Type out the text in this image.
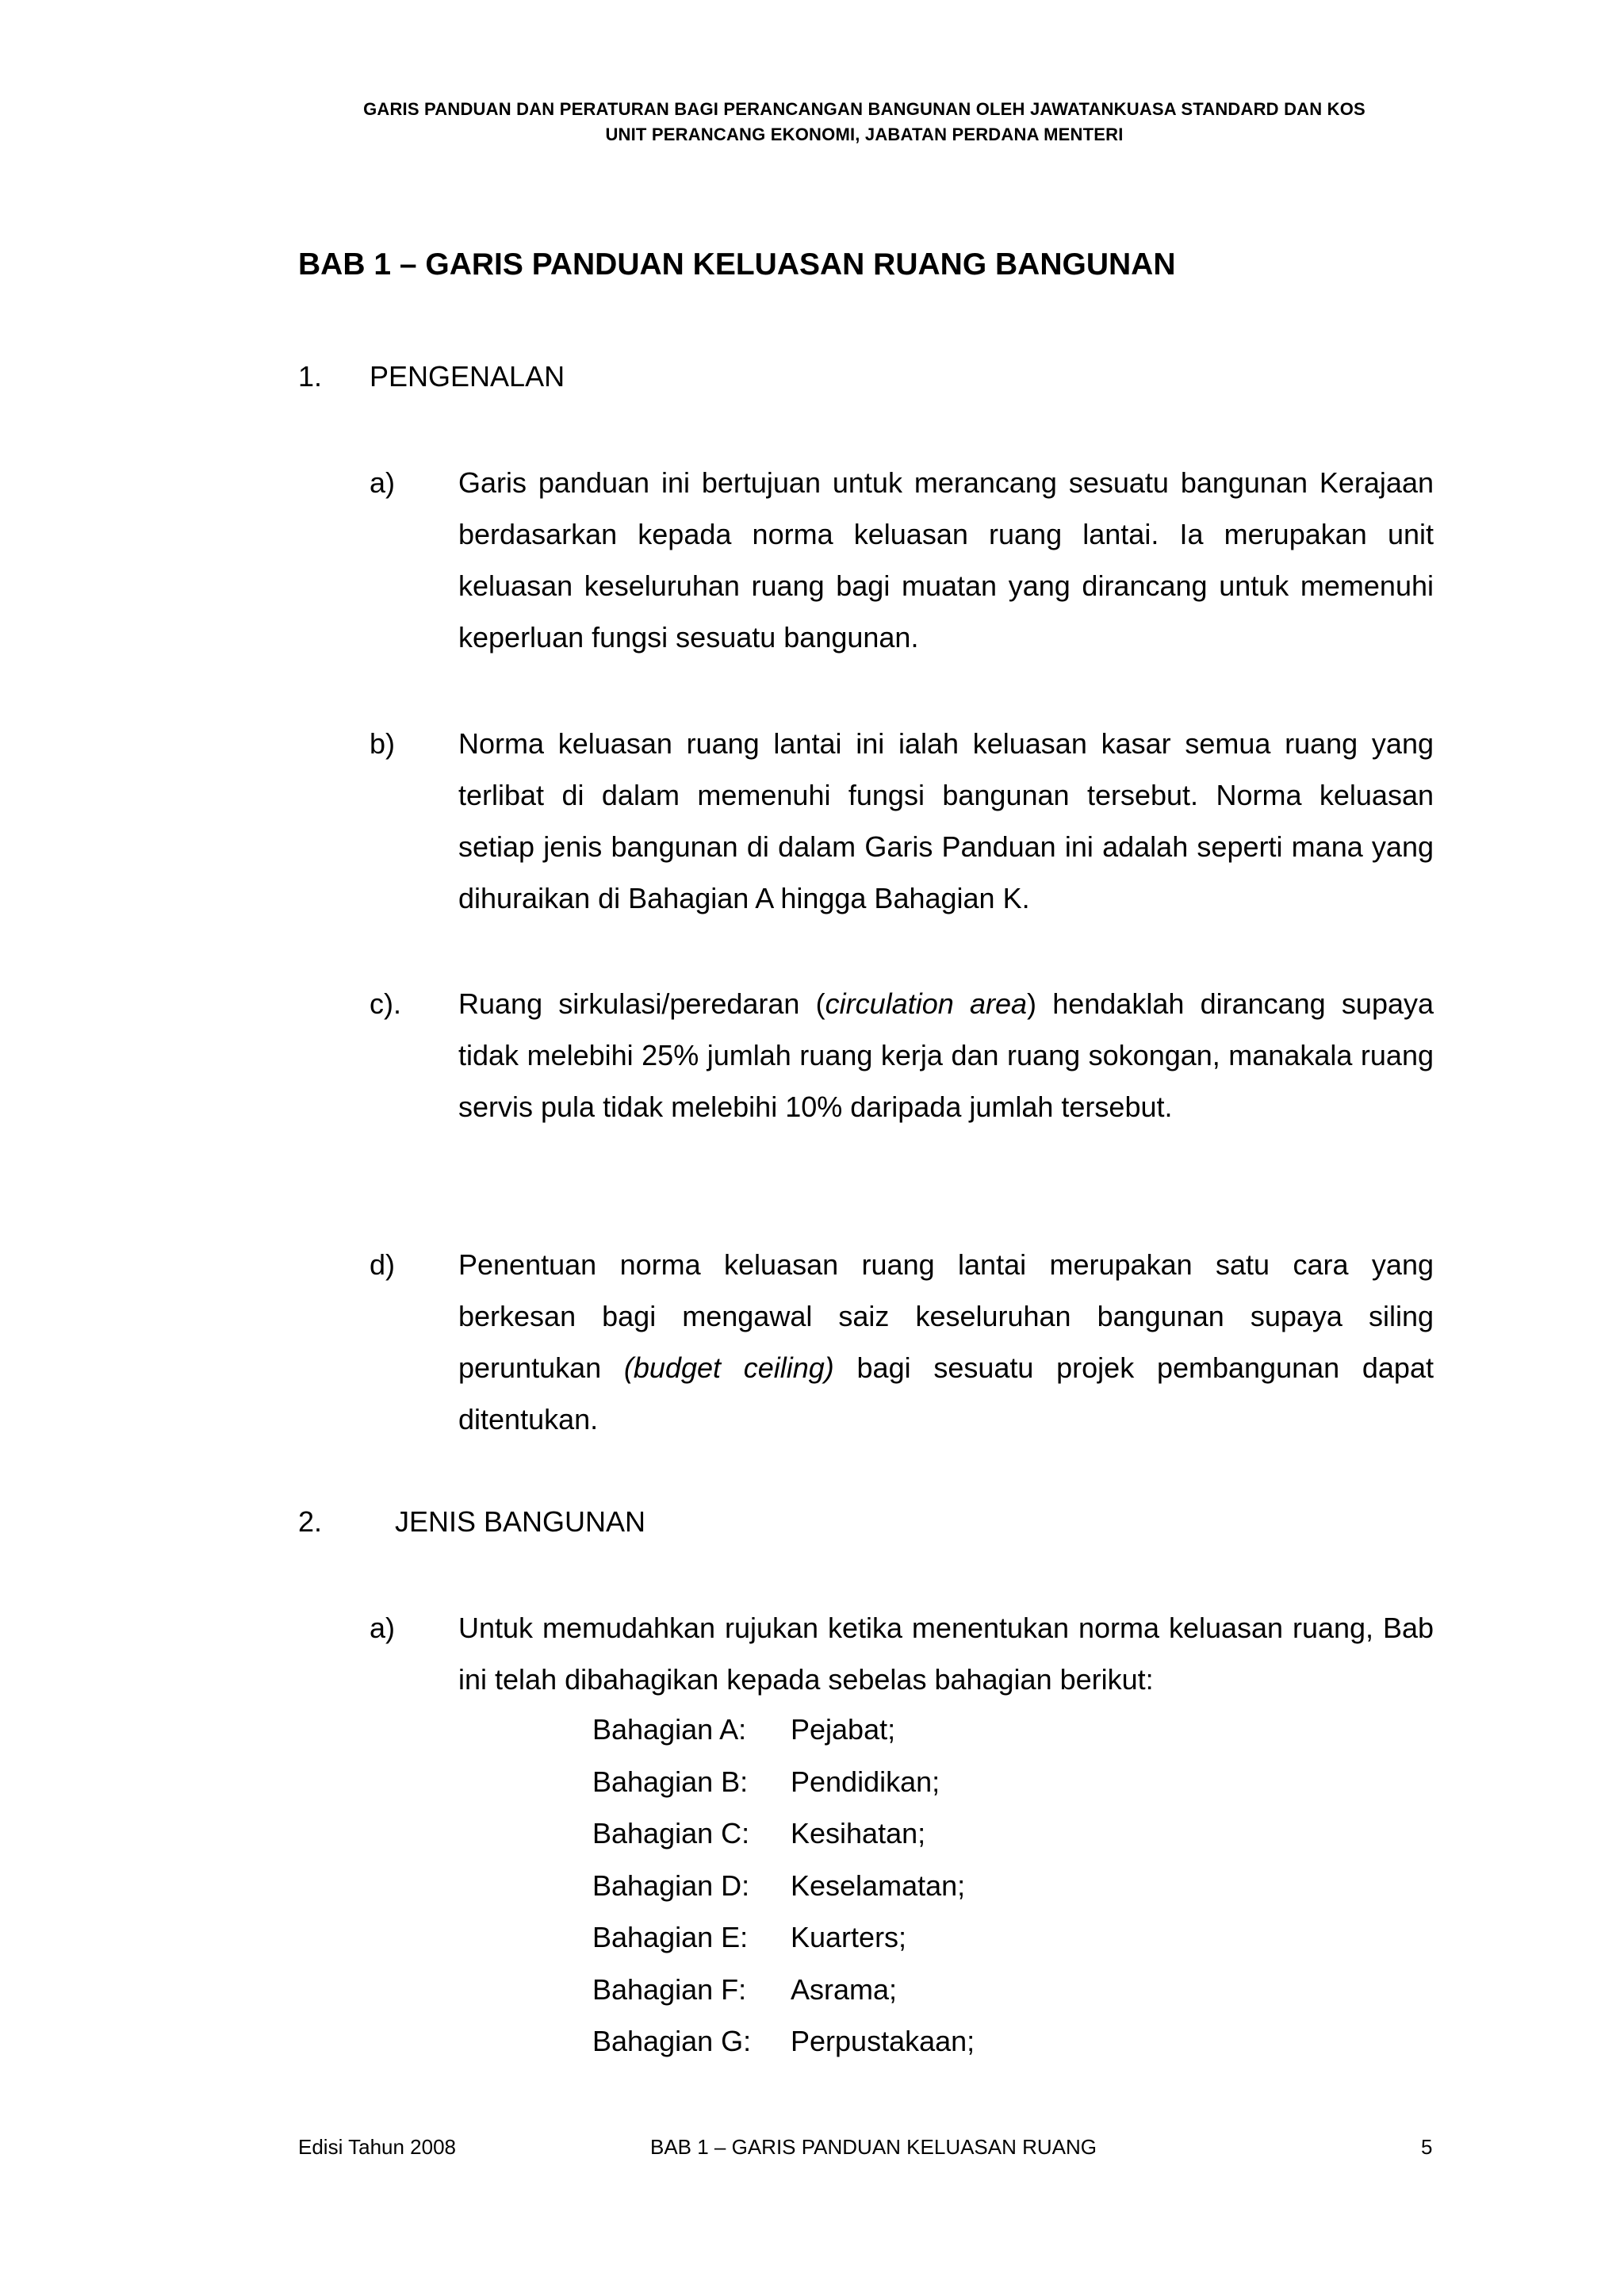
GARIS PANDUAN DAN PERATURAN BAGI PERANCANGAN BANGUNAN OLEH JAWATANKUASA STANDARD DAN KOS
UNIT PERANCANG EKONOMI, JABATAN PERDANA MENTERI
BAB 1 – GARIS PANDUAN KELUASAN RUANG BANGUNAN
1. PENGENALAN
a) Garis panduan ini bertujuan untuk merancang sesuatu bangunan Kerajaan berdasarkan kepada norma keluasan ruang lantai. Ia merupakan unit keluasan keseluruhan ruang bagi muatan yang dirancang untuk memenuhi keperluan fungsi sesuatu bangunan.
b) Norma keluasan ruang lantai ini ialah keluasan kasar semua ruang yang terlibat di dalam memenuhi fungsi bangunan tersebut. Norma keluasan setiap jenis bangunan di dalam Garis Panduan ini adalah seperti mana yang dihuraikan di Bahagian A hingga Bahagian K.
c). Ruang sirkulasi/peredaran (circulation area) hendaklah dirancang supaya tidak melebihi 25% jumlah ruang kerja dan ruang sokongan, manakala ruang servis pula tidak melebihi 10% daripada jumlah tersebut.
d) Penentuan norma keluasan ruang lantai merupakan satu cara yang berkesan bagi mengawal saiz keseluruhan bangunan supaya siling peruntukan (budget ceiling) bagi sesuatu projek pembangunan dapat ditentukan.
2.	JENIS BANGUNAN
a) Untuk memudahkan rujukan ketika menentukan norma keluasan ruang, Bab ini telah dibahagikan kepada sebelas bahagian berikut:
Bahagian A:	Pejabat;
Bahagian B:	Pendidikan;
Bahagian C:	Kesihatan;
Bahagian D:	Keselamatan;
Bahagian E:	Kuarters;
Bahagian F:	Asrama;
Bahagian G:	Perpustakaan;
Edisi Tahun 2008	BAB 1 – GARIS PANDUAN KELUASAN RUANG	5
